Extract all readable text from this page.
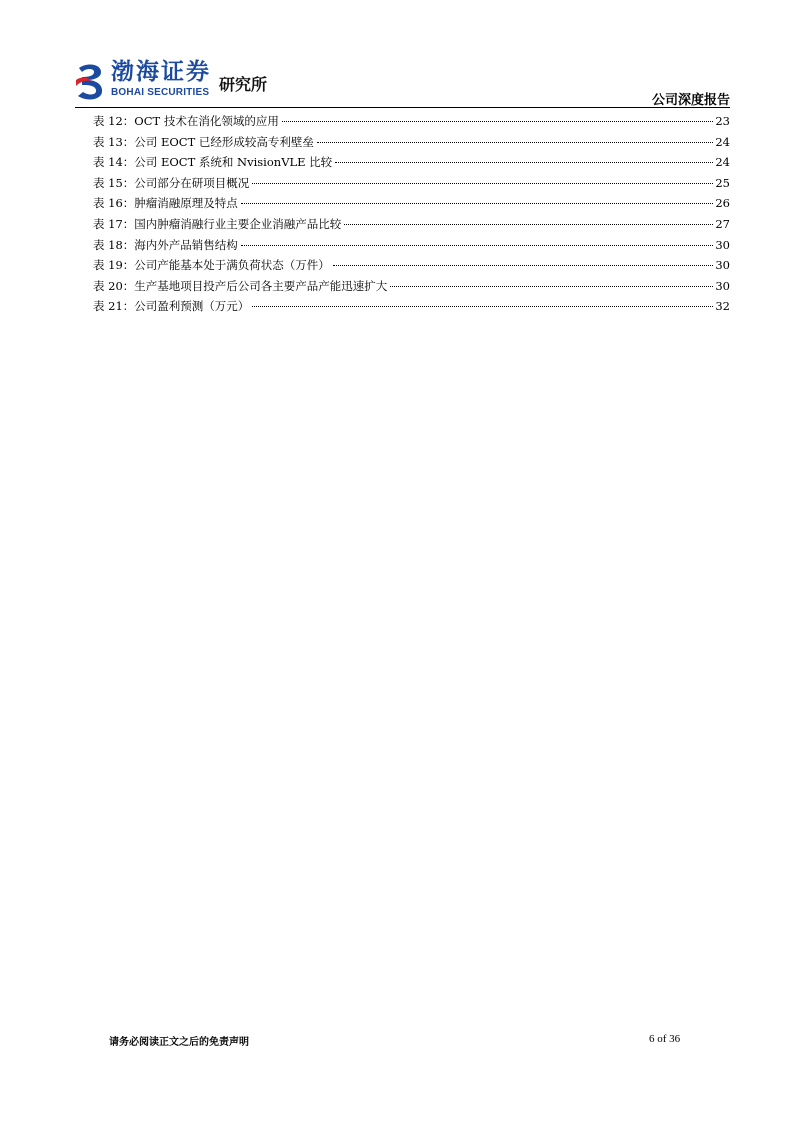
渤海证券
BOHAI SECURITIES 研究所
公司深度报告
表 12：OCT 技术在消化领域的应用	23
表 13：公司 EOCT 已经形成较高专利壁垒	24
表 14：公司 EOCT 系统和 NvisionVLE 比较	24
表 15：公司部分在研项目概况	25
表 16：肿瘤消融原理及特点	26
表 17：国内肿瘤消融行业主要企业消融产品比较	27
表 18：海内外产品销售结构	30
表 19：公司产能基本处于满负荷状态（万件）	30
表 20：生产基地项目投产后公司各主要产品产能迅速扩大	30
表 21：公司盈利预测（万元）	32
请务必阅读正文之后的免责声明	6 of 36
